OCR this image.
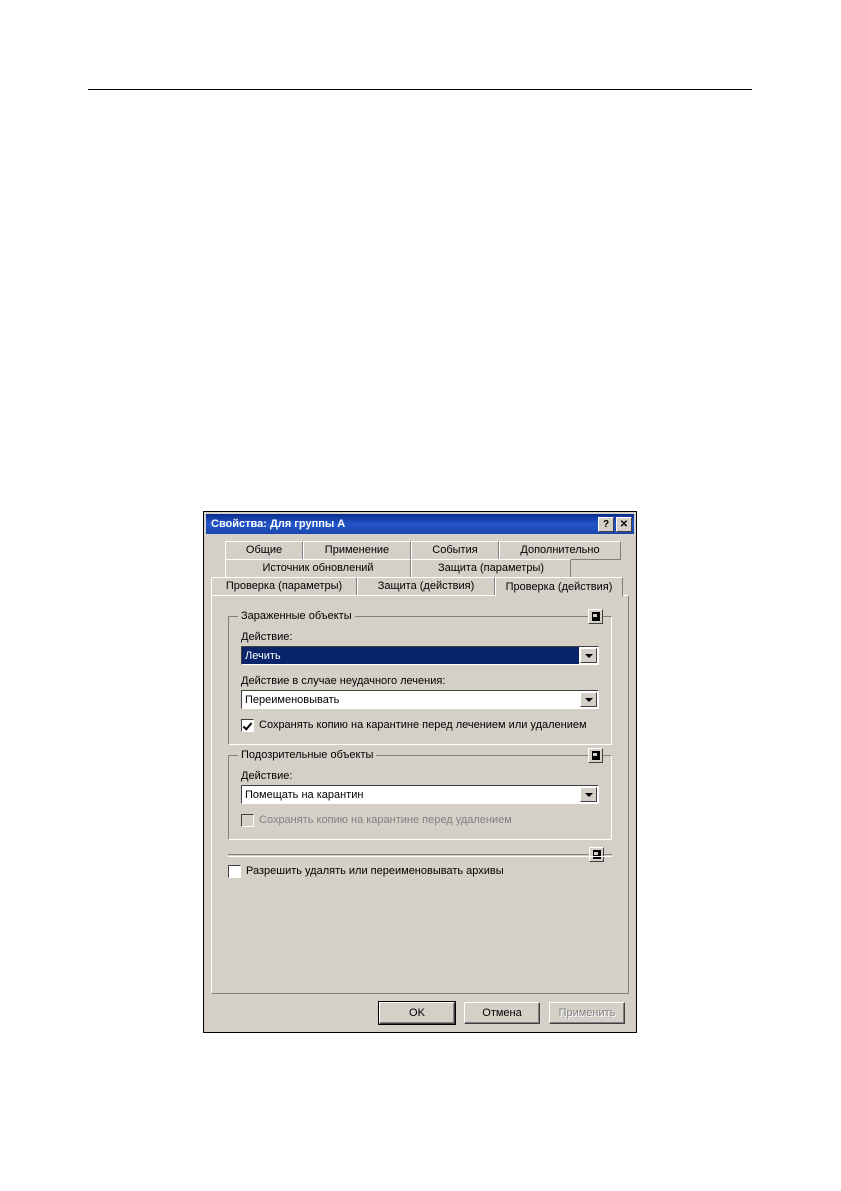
Свойства: Для группы А	?	✕
Общие	Применение	События	Дополнительно
Источник обновлений	Защита (параметры)
Проверка (параметры)	Защита (действия)	Проверка (действия)
Зараженные объекты
Действие:
Лечить
Действие в случае неудачного лечения:
Переименовывать
Сохранять копию на карантине перед лечением или удалением
Подозрительные объекты
Действие:
Помещать на карантин
Сохранять копию на карантине перед удалением
Разрешить удалять или переименовывать архивы
OK	Отмена	Применить
